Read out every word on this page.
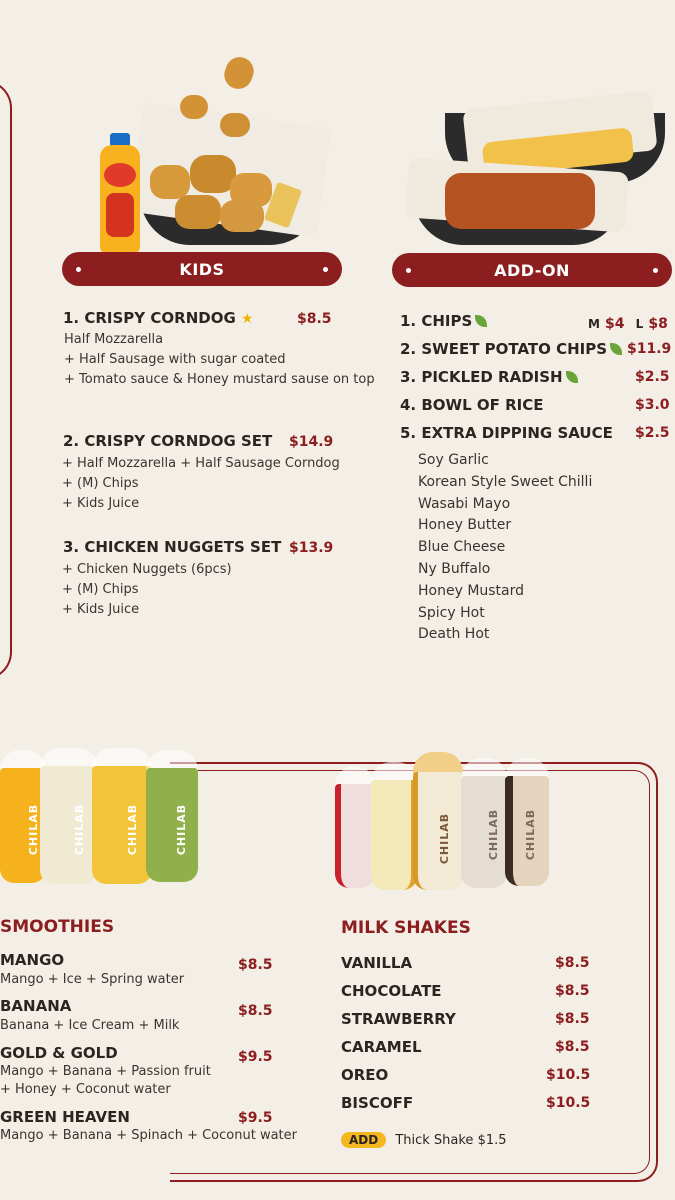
KIDS	ADD-ON
1. CRISPY CORNDOG ★	$8.5
Half Mozzarella
+ Half Sausage with sugar coated
+ Tomato sauce & Honey mustard sause on top
2. CRISPY CORNDOG SET $14.9
+ Half Mozzarella + Half Sausage Corndog
+ (M) Chips
+ Kids Juice
3. CHICKEN NUGGETS SET $13.9
+ Chicken Nuggets (6pcs)
+ (M) Chips
+ Kids Juice
1. CHIPS	M $4 L $8
2. SWEET POTATO CHIPS	$11.9
3. PICKLED RADISH	$2.5
4. BOWL OF RICE	$3.0
5. EXTRA DIPPING SAUCE $2.5
Soy Garlic
Korean Style Sweet Chilli
Wasabi Mayo
Honey Butter
Blue Cheese
Ny Buffalo
Honey Mustard
Spicy Hot
Death Hot
CHILAB	CHILAB	CHILAB	CHILAB	CHILAB	CHILAB CHILAB
SMOOTHIES
MANGO	$8.5
Mango + Ice + Spring water
BANANA	$8.5
Banana + Ice Cream + Milk
GOLD & GOLD	$9.5
Mango + Banana + Passion fruit
+ Honey + Coconut water
GREEN HEAVEN	$9.5
Mango + Banana + Spinach + Coconut water
MILK SHAKES
VANILLA	$8.5
CHOCOLATE	$8.5
STRAWBERRY	$8.5
CARAMEL	$8.5
OREO	$10.5
BISCOFF	$10.5
ADD Thick Shake $1.5
